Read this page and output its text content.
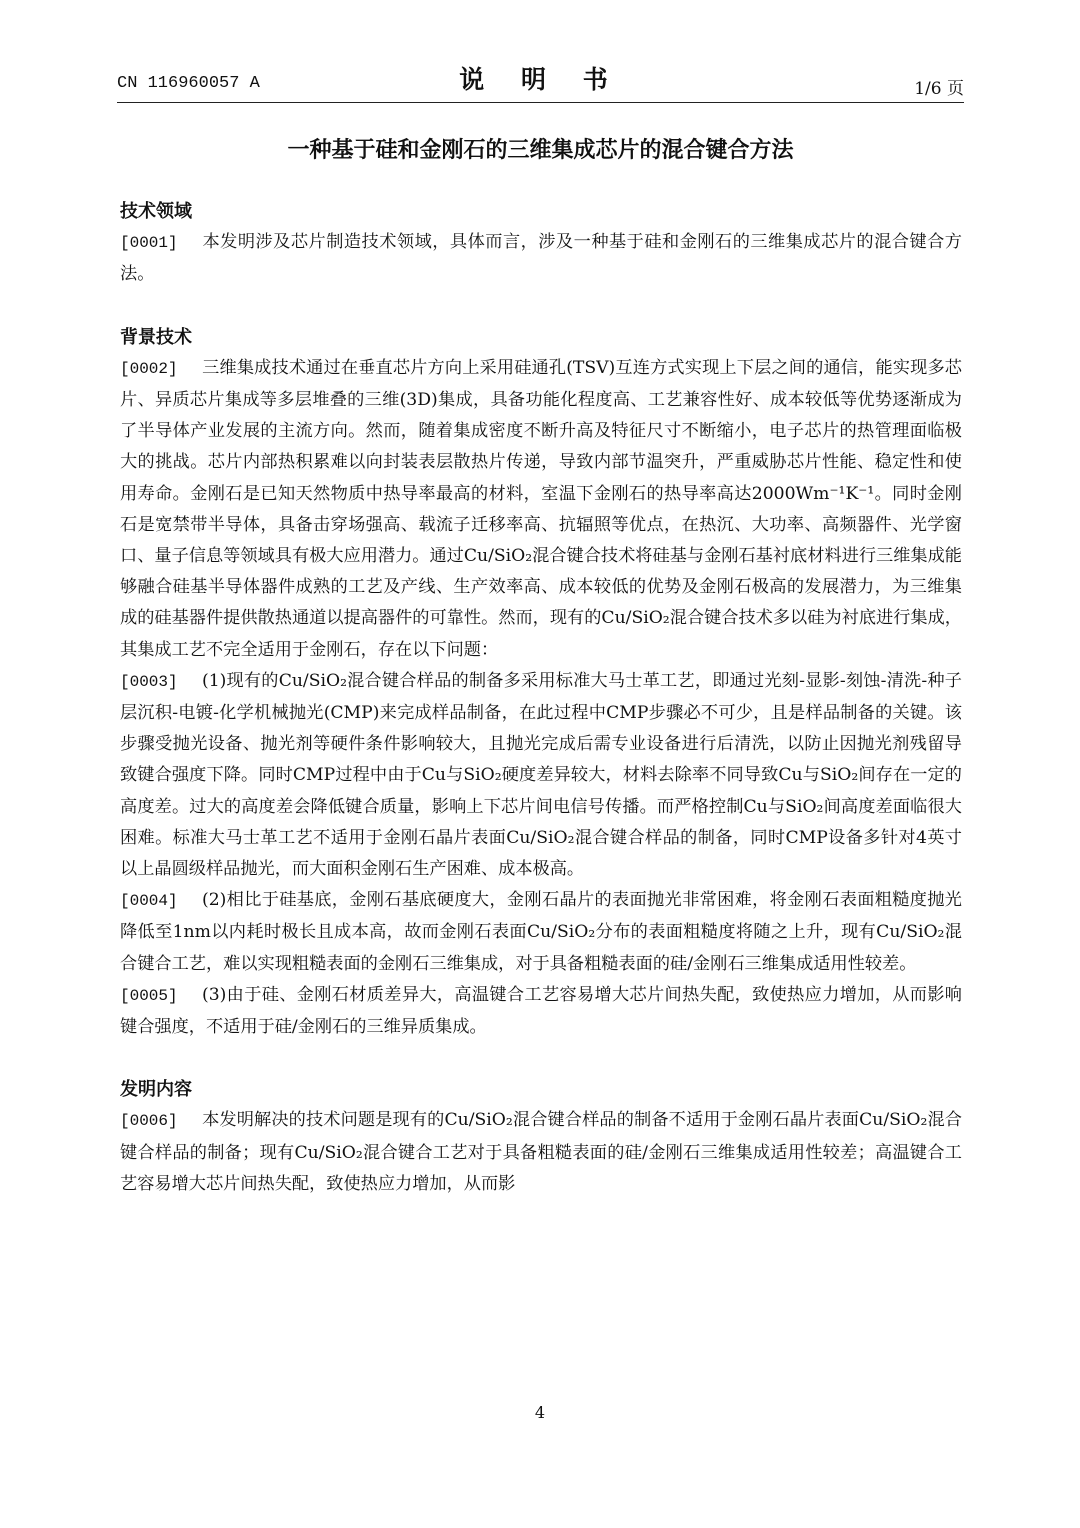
CN 116960057 A	说 明 书	1/6 页
一种基于硅和金刚石的三维集成芯片的混合键合方法
技术领域

[0001] 本发明涉及芯片制造技术领域，具体而言，涉及一种基于硅和金刚石的三维集成芯片的混合键合方法。

背景技术

[0002] 三维集成技术通过在垂直芯片方向上采用硅通孔(TSV)互连方式实现上下层之间的通信，能实现多芯片、异质芯片集成等多层堆叠的三维(3D)集成，具备功能化程度高、工艺兼容性好、成本较低等优势逐渐成为了半导体产业发展的主流方向。然而，随着集成密度不断升高及特征尺寸不断缩小，电子芯片的热管理面临极大的挑战。芯片内部热积累难以向封装表层散热片传递，导致内部节温突升，严重威胁芯片性能、稳定性和使用寿命。金刚石是已知天然物质中热导率最高的材料，室温下金刚石的热导率高达2000Wm⁻¹K⁻¹。同时金刚石是宽禁带半导体，具备击穿场强高、载流子迁移率高、抗辐照等优点，在热沉、大功率、高频器件、光学窗口、量子信息等领域具有极大应用潜力。通过Cu/SiO₂混合键合技术将硅基与金刚石基衬底材料进行三维集成能够融合硅基半导体器件成熟的工艺及产线、生产效率高、成本较低的优势及金刚石极高的发展潜力，为三维集成的硅基器件提供散热通道以提高器件的可靠性。然而，现有的Cu/SiO₂混合键合技术多以硅为衬底进行集成，其集成工艺不完全适用于金刚石，存在以下问题：

[0003] (1)现有的Cu/SiO₂混合键合样品的制备多采用标准大马士革工艺，即通过光刻-显影-刻蚀-清洗-种子层沉积-电镀-化学机械抛光(CMP)来完成样品制备，在此过程中CMP步骤必不可少，且是样品制备的关键。该步骤受抛光设备、抛光剂等硬件条件影响较大，且抛光完成后需专业设备进行后清洗，以防止因抛光剂残留导致键合强度下降。同时CMP过程中由于Cu与SiO₂硬度差异较大，材料去除率不同导致Cu与SiO₂间存在一定的高度差。过大的高度差会降低键合质量，影响上下芯片间电信号传播。而严格控制Cu与SiO₂间高度差面临很大困难。标准大马士革工艺不适用于金刚石晶片表面Cu/SiO₂混合键合样品的制备，同时CMP设备多针对4英寸以上晶圆级样品抛光，而大面积金刚石生产困难、成本极高。

[0004] (2)相比于硅基底，金刚石基底硬度大，金刚石晶片的表面抛光非常困难，将金刚石表面粗糙度抛光降低至1nm以内耗时极长且成本高，故而金刚石表面Cu/SiO₂分布的表面粗糙度将随之上升，现有Cu/SiO₂混合键合工艺，难以实现粗糙表面的金刚石三维集成，对于具备粗糙表面的硅/金刚石三维集成适用性较差。

[0005] (3)由于硅、金刚石材质差异大，高温键合工艺容易增大芯片间热失配，致使热应力增加，从而影响键合强度，不适用于硅/金刚石的三维异质集成。

发明内容

[0006] 本发明解决的技术问题是现有的Cu/SiO₂混合键合样品的制备不适用于金刚石晶片表面Cu/SiO₂混合键合样品的制备；现有Cu/SiO₂混合键合工艺对于具备粗糙表面的硅/金刚石三维集成适用性较差；高温键合工艺容易增大芯片间热失配，致使热应力增加，从而影

4
